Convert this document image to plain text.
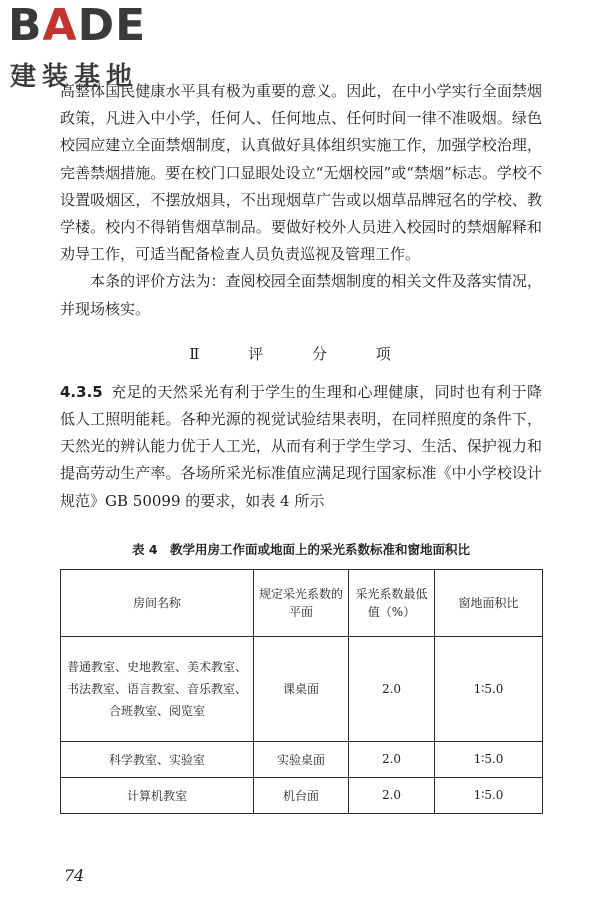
BADE
建装基地

高整体国民健康水平具有极为重要的意义。因此，在中小学实行全面禁烟政策，凡进入中小学，任何人、任何地点、任何时间一律不准吸烟。绿色校园应建立全面禁烟制度，认真做好具体组织实施工作，加强学校治理，完善禁烟措施。要在校门口显眼处设立“无烟校园”或“禁烟”标志。学校不设置吸烟区，不摆放烟具，不出现烟草广告或以烟草品牌冠名的学校、教学楼。校内不得销售烟草制品。要做好校外人员进入校园时的禁烟解释和劝导工作，可适当配备检查人员负责巡视及管理工作。

本条的评价方法为：查阅校园全面禁烟制度的相关文件及落实情况，并现场核实。

Ⅱ 评 分 项

4.3.5 充足的天然采光有利于学生的生理和心理健康，同时也有利于降低人工照明能耗。各种光源的视觉试验结果表明，在同样照度的条件下，天然光的辨认能力优于人工光，从而有利于学生学习、生活、保护视力和提高劳动生产率。各场所采光标准值应满足现行国家标准《中小学校设计规范》GB 50099 的要求，如表 4 所示

表 4　教学用房工作面或地面上的采光系数标准和窗地面积比
房间名称	规定采光系数的平面	采光系数最低值（%）	窗地面积比
普通教室、史地教室、美术教室、书法教室、语言教室、音乐教室、合班教室、阅览室	课桌面	2.0	1∶5.0
科学教室、实验室	实验桌面	2.0	1∶5.0
计算机教室	机台面	2.0	1∶5.0
74
